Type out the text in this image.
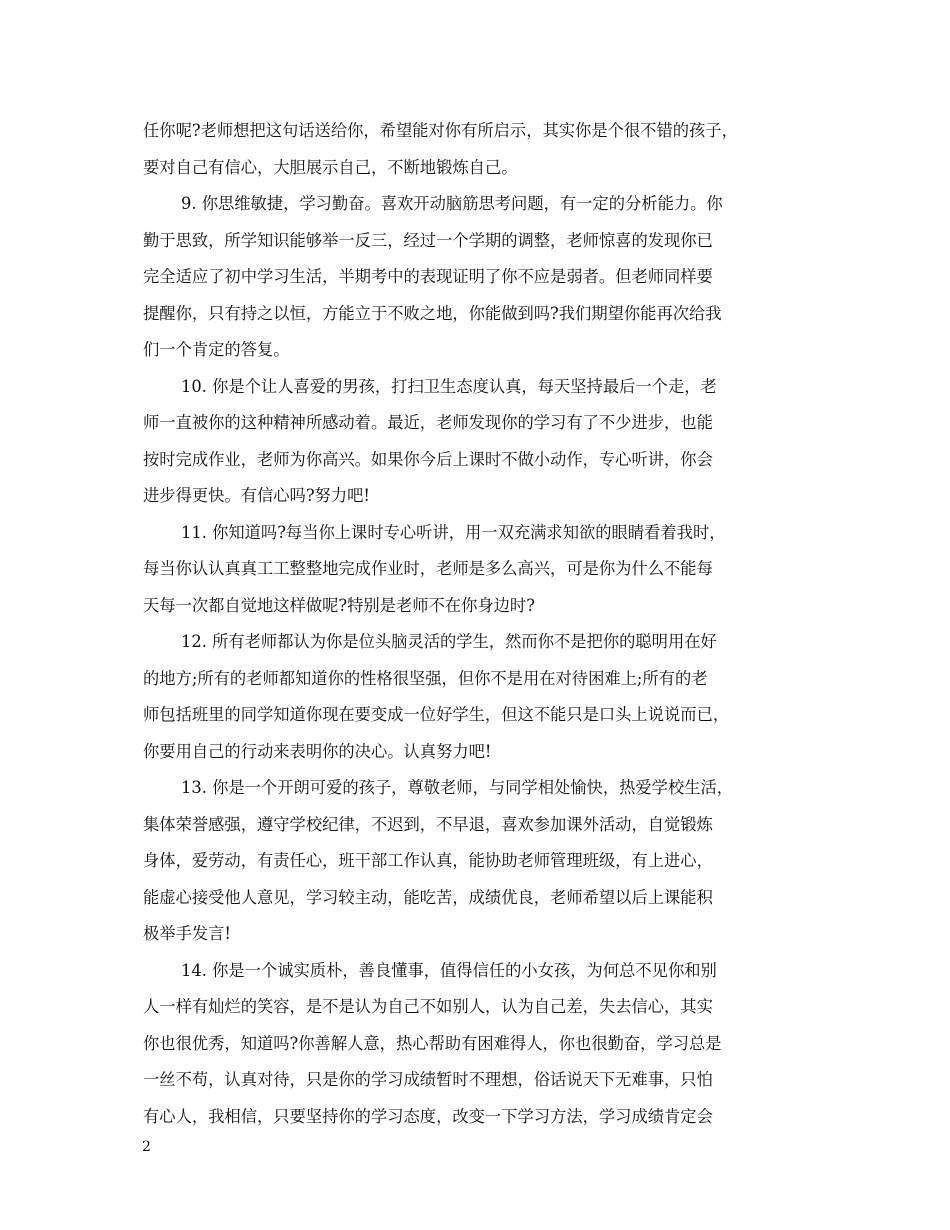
任你呢?老师想把这句话送给你，希望能对你有所启示，其实你是个很不错的孩子，
要对自己有信心，大胆展示自己，不断地锻炼自己。
9. 你思维敏捷，学习勤奋。喜欢开动脑筋思考问题，有一定的分析能力。你
勤于思致，所学知识能够举一反三，经过一个学期的调整，老师惊喜的发现你已
完全适应了初中学习生活，半期考中的表现证明了你不应是弱者。但老师同样要
提醒你，只有持之以恒，方能立于不败之地，你能做到吗?我们期望你能再次给我
们一个肯定的答复。
10. 你是个让人喜爱的男孩，打扫卫生态度认真，每天坚持最后一个走，老
师一直被你的这种精神所感动着。最近，老师发现你的学习有了不少进步，也能
按时完成作业，老师为你高兴。如果你今后上课时不做小动作，专心听讲，你会
进步得更快。有信心吗?努力吧!
11. 你知道吗?每当你上课时专心听讲，用一双充满求知欲的眼睛看着我时，
每当你认认真真工工整整地完成作业时，老师是多么高兴，可是你为什么不能每
天每一次都自觉地这样做呢?特别是老师不在你身边时?
12. 所有老师都认为你是位头脑灵活的学生，然而你不是把你的聪明用在好
的地方;所有的老师都知道你的性格很坚强，但你不是用在对待困难上;所有的老
师包括班里的同学知道你现在要变成一位好学生，但这不能只是口头上说说而已，
你要用自己的行动来表明你的决心。认真努力吧!
13. 你是一个开朗可爱的孩子，尊敬老师，与同学相处愉快，热爱学校生活，
集体荣誉感强，遵守学校纪律，不迟到，不早退，喜欢参加课外活动，自觉锻炼
身体，爱劳动，有责任心，班干部工作认真，能协助老师管理班级，有上进心，
能虚心接受他人意见，学习较主动，能吃苦，成绩优良，老师希望以后上课能积
极举手发言!
14. 你是一个诚实质朴，善良懂事，值得信任的小女孩，为何总不见你和别
人一样有灿烂的笑容，是不是认为自己不如别人，认为自己差，失去信心，其实
你也很优秀，知道吗?你善解人意，热心帮助有困难得人，你也很勤奋，学习总是
一丝不苟，认真对待，只是你的学习成绩暂时不理想，俗话说天下无难事，只怕
有心人，我相信，只要坚持你的学习态度，改变一下学习方法，学习成绩肯定会
2
